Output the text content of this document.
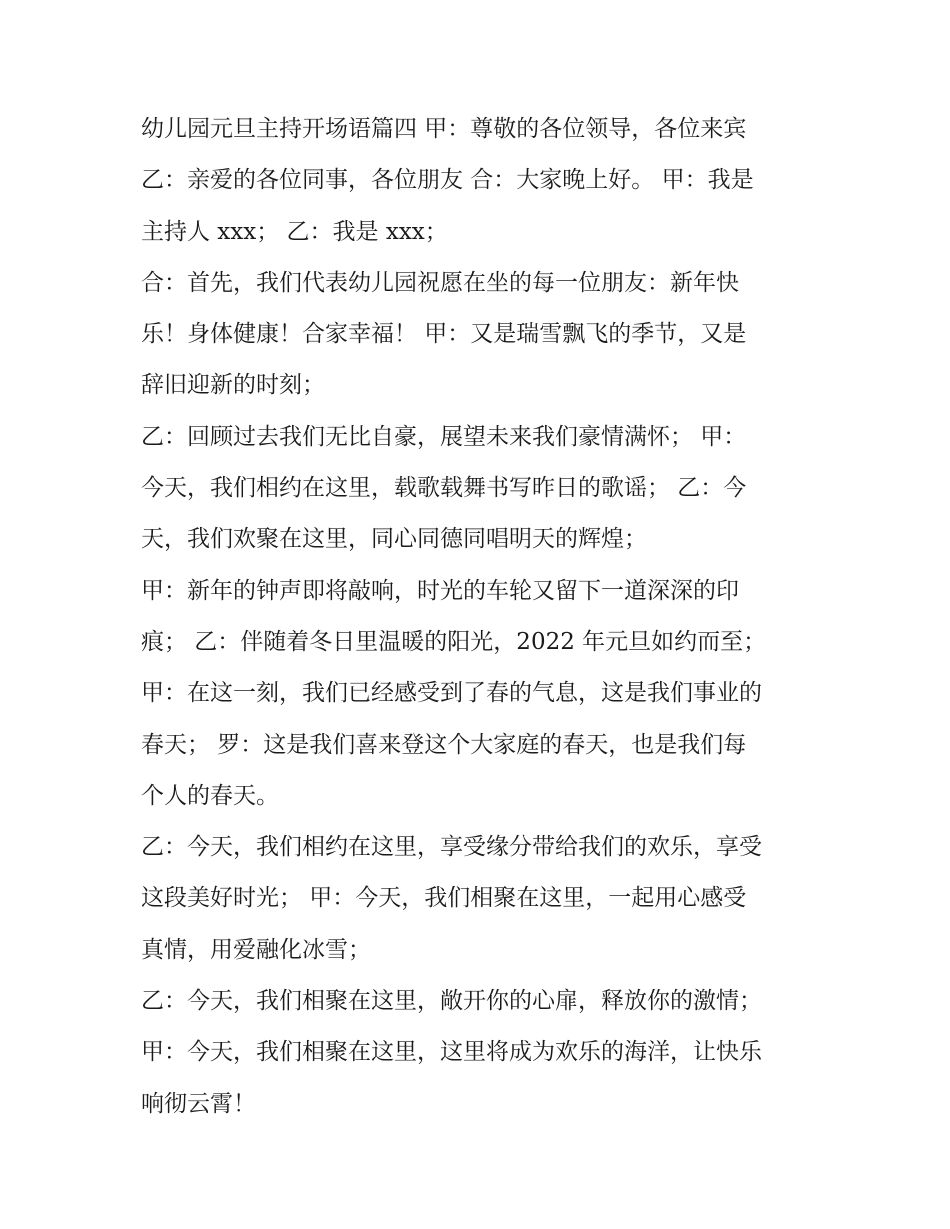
幼儿园元旦主持开场语篇四 甲：尊敬的各位领导，各位来宾
乙：亲爱的各位同事，各位朋友 合：大家晚上好。 甲：我是
主持人 xxx； 乙：我是 xxx；

合：首先，我们代表幼儿园祝愿在坐的每一位朋友：新年快
乐！身体健康！合家幸福！ 甲：又是瑞雪飘飞的季节，又是
辞旧迎新的时刻；

乙：回顾过去我们无比自豪，展望未来我们豪情满怀； 甲：
今天，我们相约在这里，载歌载舞书写昨日的歌谣； 乙：今
天，我们欢聚在这里，同心同德同唱明天的辉煌；

甲：新年的钟声即将敲响，时光的车轮又留下一道深深的印
痕； 乙：伴随着冬日里温暖的阳光，2022 年元旦如约而至；

甲：在这一刻，我们已经感受到了春的气息，这是我们事业的
春天； 罗：这是我们喜来登这个大家庭的春天，也是我们每
个人的春天。

乙：今天，我们相约在这里，享受缘分带给我们的欢乐，享受
这段美好时光； 甲：今天，我们相聚在这里，一起用心感受
真情，用爱融化冰雪；

乙：今天，我们相聚在这里，敞开你的心扉，释放你的激情；

甲：今天，我们相聚在这里，这里将成为欢乐的海洋，让快乐
响彻云霄！
